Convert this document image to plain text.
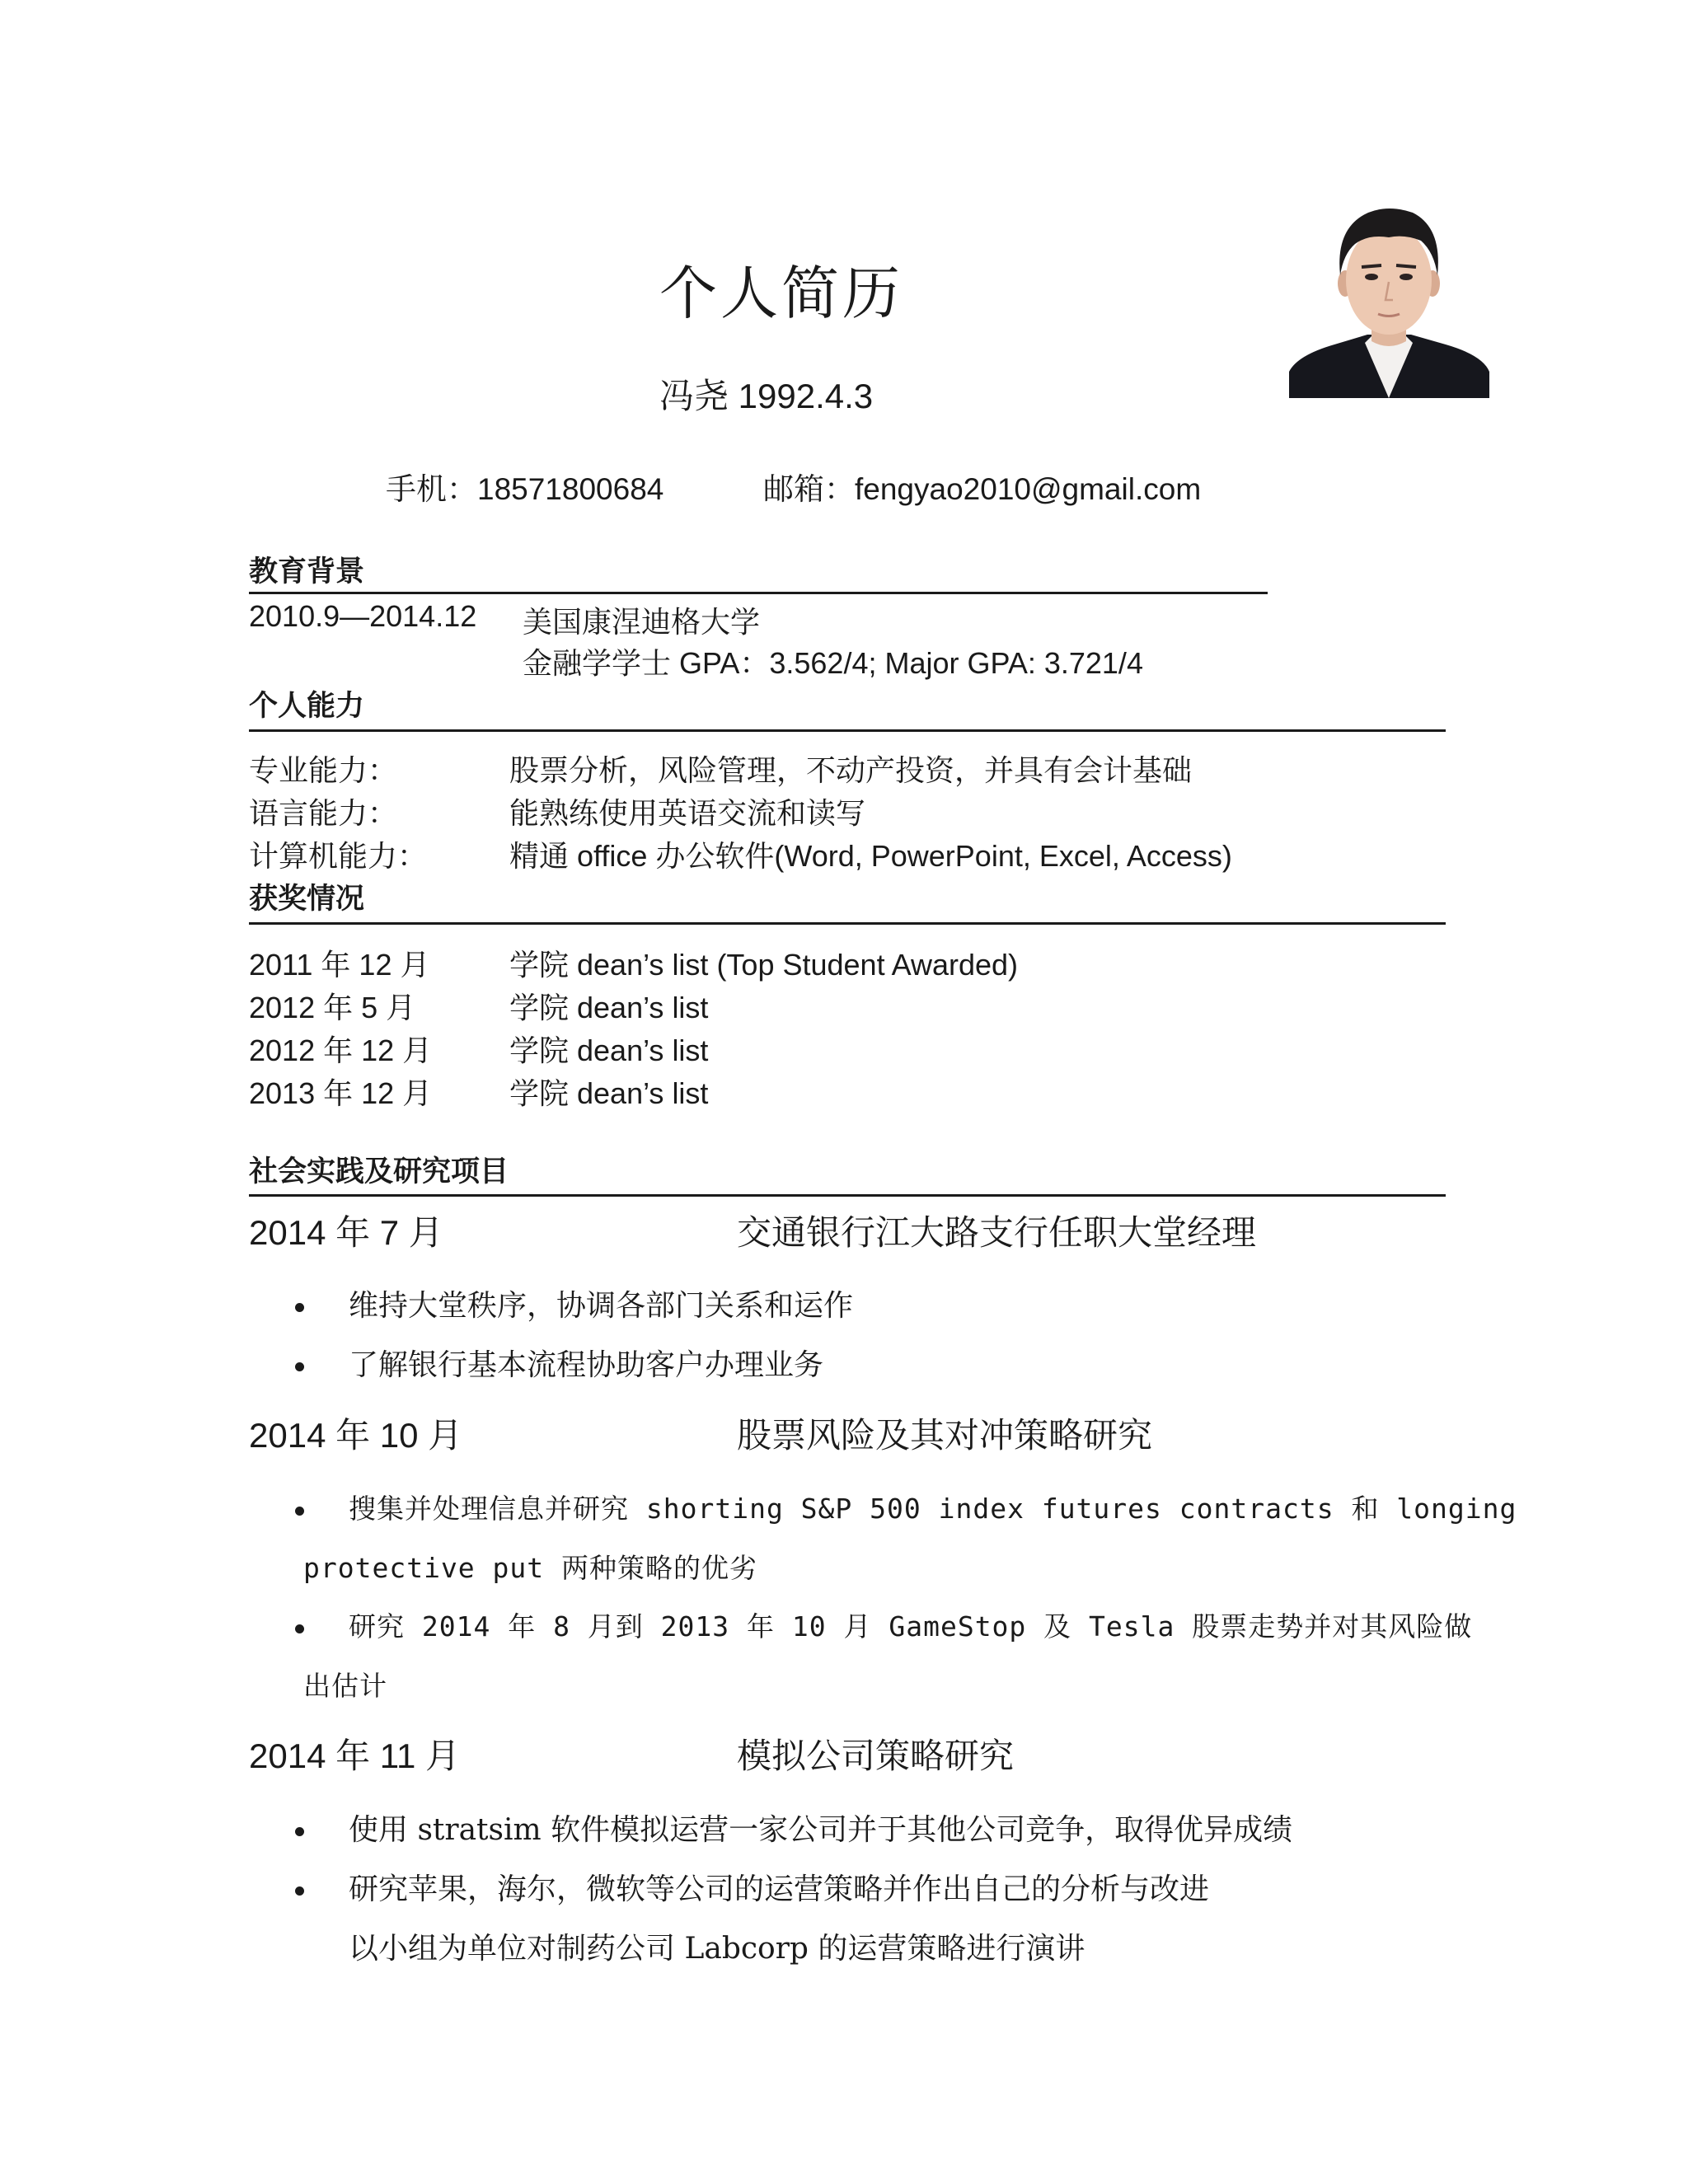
个人简历
冯尧 1992.4.3
手机：18571800684	邮箱：fengyao2010@gmail.com
教育背景
2010.9—2014.12 美国康涅迪格大学
金融学学士 GPA：3.562/4; Major GPA: 3.721/4
个人能力
专业能力：	股票分析，风险管理，不动产投资，并具有会计基础
语言能力：	能熟练使用英语交流和读写
计算机能力：	精通 office 办公软件(Word, PowerPoint, Excel, Access)
获奖情况
2011 年 12 月	学院 dean’s list (Top Student Awarded)
2012 年 5 月	学院 dean’s list
2012 年 12 月	学院 dean’s list
2013 年 12 月	学院 dean’s list
社会实践及研究项目
2014 年 7 月	交通银行江大路支行任职大堂经理
维持大堂秩序，协调各部门关系和运作
了解银行基本流程协助客户办理业务
2014 年 10 月	股票风险及其对冲策略研究
搜集并处理信息并研究 shorting S&P 500 index futures contracts 和 longing
protective put 两种策略的优劣
研究 2014 年 8 月到 2013 年 10 月 GameStop 及 Tesla 股票走势并对其风险做
出估计
2014 年 11 月	模拟公司策略研究
使用 stratsim 软件模拟运营一家公司并于其他公司竞争，取得优异成绩
研究苹果，海尔，微软等公司的运营策略并作出自己的分析与改进
以小组为单位对制药公司 Labcorp 的运营策略进行演讲
